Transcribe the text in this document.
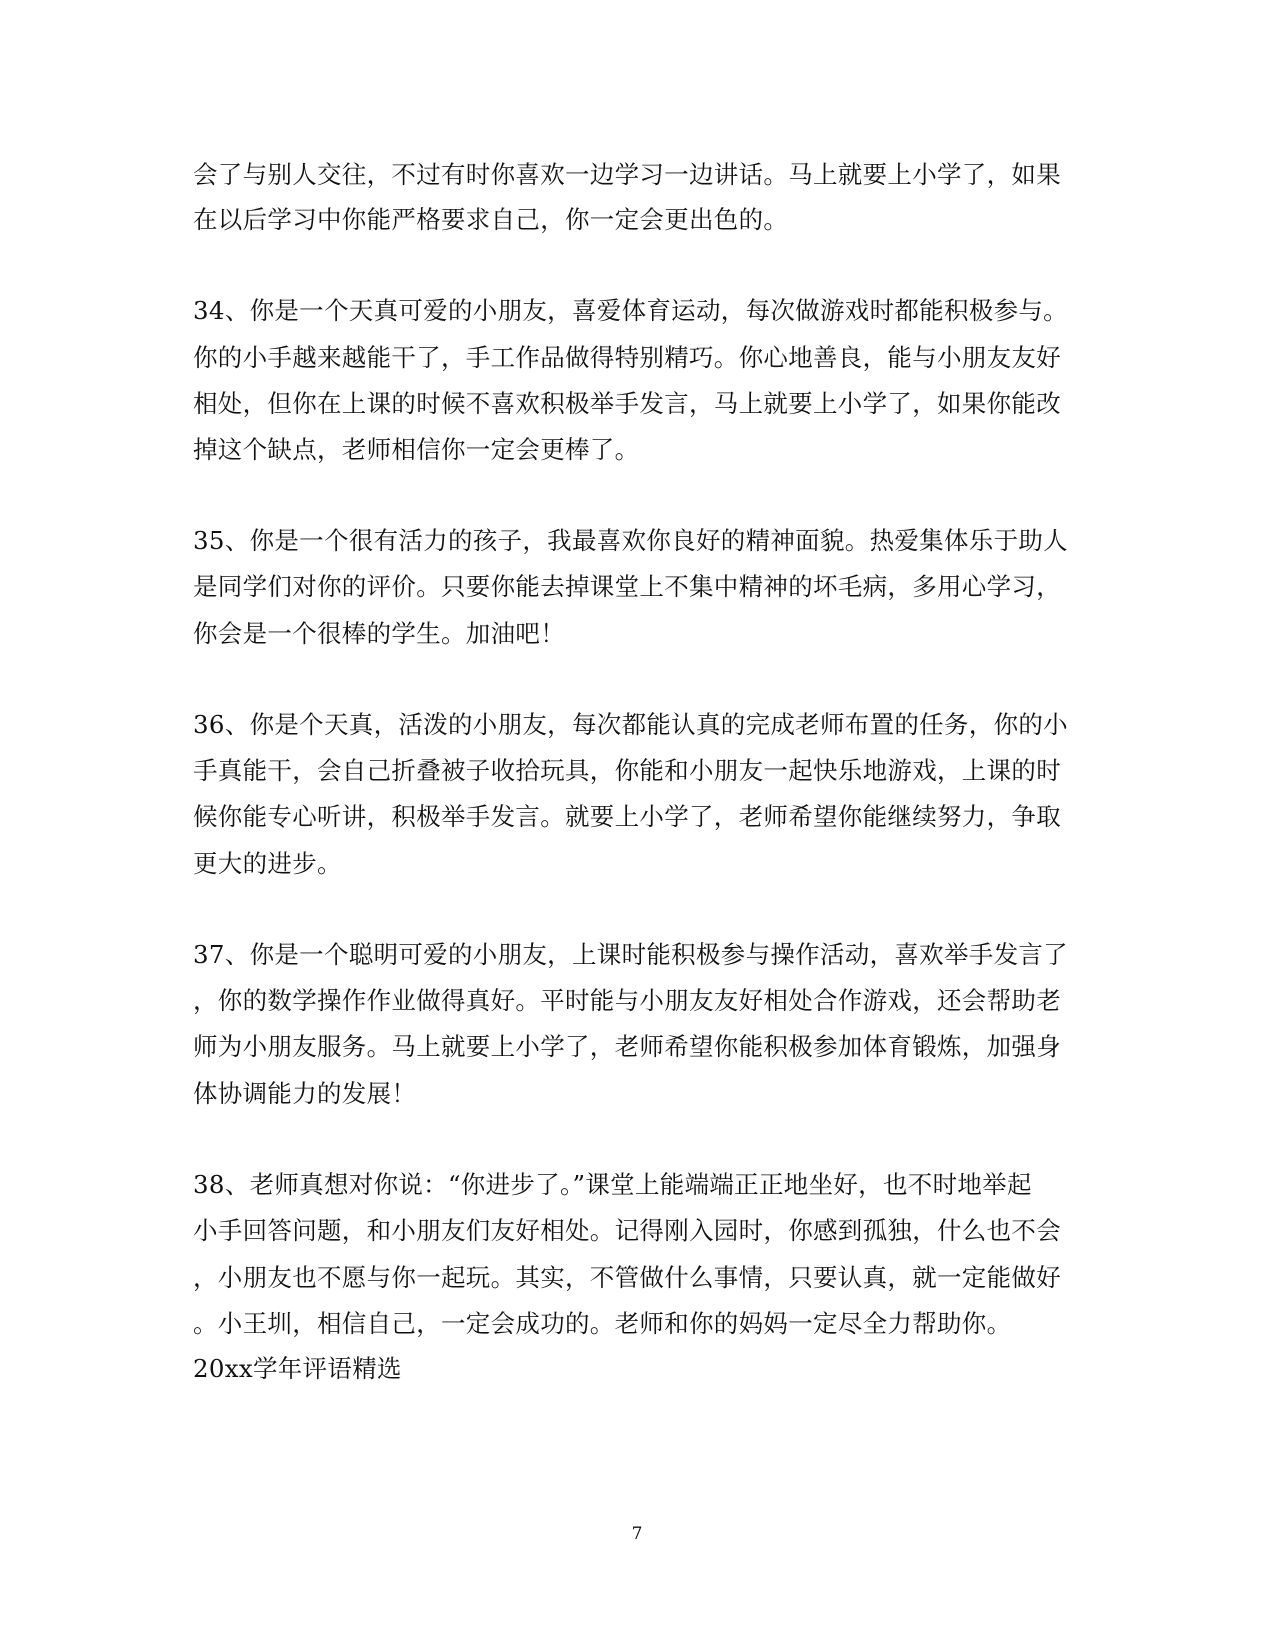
会了与别人交往，不过有时你喜欢一边学习一边讲话。马上就要上小学了，如果
在以后学习中你能严格要求自己，你一定会更出色的。
34、你是一个天真可爱的小朋友，喜爱体育运动，每次做游戏时都能积极参与。
你的小手越来越能干了，手工作品做得特别精巧。你心地善良，能与小朋友友好
相处，但你在上课的时候不喜欢积极举手发言，马上就要上小学了，如果你能改
掉这个缺点，老师相信你一定会更棒了。
35、你是一个很有活力的孩子，我最喜欢你良好的精神面貌。热爱集体乐于助人
是同学们对你的评价。只要你能去掉课堂上不集中精神的坏毛病，多用心学习，
你会是一个很棒的学生。加油吧！
36、你是个天真，活泼的小朋友，每次都能认真的完成老师布置的任务，你的小
手真能干，会自己折叠被子收拾玩具，你能和小朋友一起快乐地游戏，上课的时
候你能专心听讲，积极举手发言。就要上小学了，老师希望你能继续努力，争取
更大的进步。
37、你是一个聪明可爱的小朋友，上课时能积极参与操作活动，喜欢举手发言了
，你的数学操作作业做得真好。平时能与小朋友友好相处合作游戏，还会帮助老
师为小朋友服务。马上就要上小学了，老师希望你能积极参加体育锻炼，加强身
体协调能力的发展！
38、老师真想对你说：“你进步了。”课堂上能端端正正地坐好，也不时地举起
小手回答问题，和小朋友们友好相处。记得刚入园时，你感到孤独，什么也不会
，小朋友也不愿与你一起玩。其实，不管做什么事情，只要认真，就一定能做好
。小王圳，相信自己，一定会成功的。老师和你的妈妈一定尽全力帮助你。
20xx学年评语精选
7
